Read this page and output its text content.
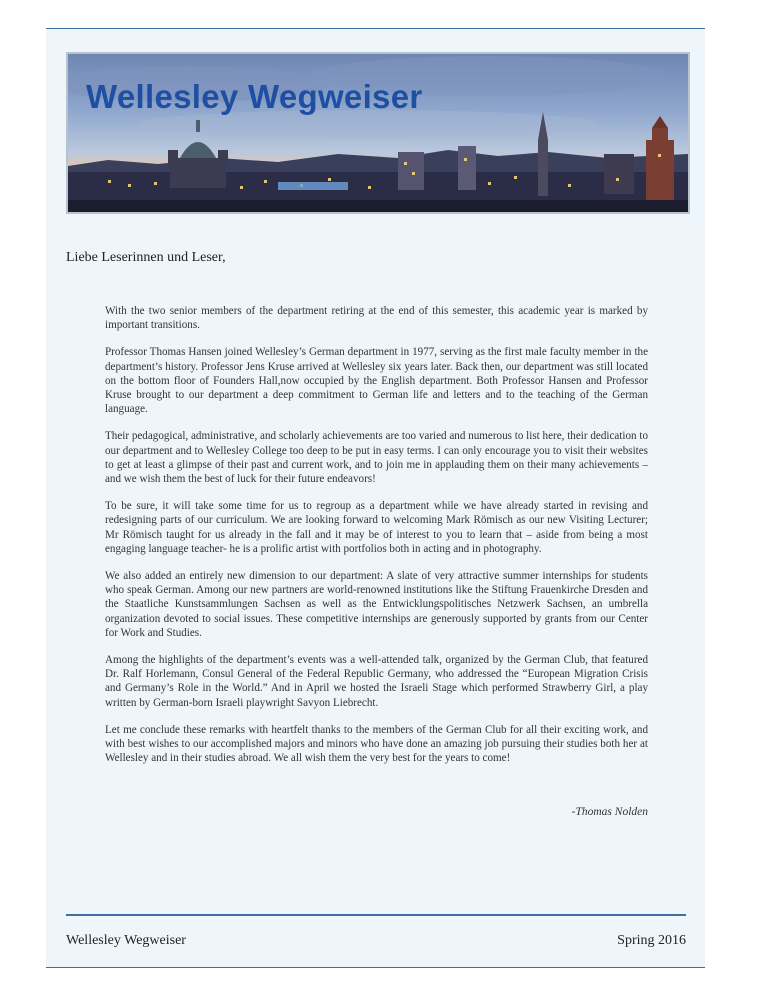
Wellesley Wegweiser
Liebe Leserinnen und Leser,

With the two senior members of the department retiring at the end of this semester, this academic year is marked by important transitions.

Professor Thomas Hansen joined Wellesley’s German department in 1977, serving as the first male faculty member in the department’s history. Professor Jens Kruse arrived at Wellesley six years later. Back then, our department was still located on the bottom floor of Founders Hall,now occupied by the English department. Both Professor Hansen and Professor Kruse brought to our department a deep commitment to German life and letters and to the teaching of the German language.

Their pedagogical, administrative, and scholarly achievements are too varied and numerous to list here, their dedication to our department and to Wellesley College too deep to be put in easy terms. I can only encourage you to visit their websites to get at least a glimpse of their past and current work, and to join me in applauding them on their many achievements – and we wish them the best of luck for their future endeavors!

To be sure, it will take some time for us to regroup as a department while we have already started in revising and redesigning parts of our curriculum. We are looking forward to welcoming Mark Römisch as our new Visiting Lecturer; Mr Römisch taught for us already in the fall and it may be of interest to you to learn that – aside from being a most engaging language teacher- he is a prolific artist with portfolios both in acting and in photography.

We also added an entirely new dimension to our department: A slate of very attractive summer internships for students who speak German. Among our new partners are world-renowned institutions like the Stiftung Frauenkirche Dresden and the Staatliche Kunstsammlungen Sachsen as well as the Entwicklungspolitisches Netzwerk Sachsen, an umbrella organization devoted to social issues. These competitive internships are generously supported by grants from our Center for Work and Studies.

Among the highlights of the department’s events was a well-attended talk, organized by the German Club, that featured Dr. Ralf Horlemann, Consul General of the Federal Republic Germany, who addressed the “European Migration Crisis and Germany’s Role in the World.” And in April we hosted the Israeli Stage which performed Strawberry Girl, a play written by German-born Israeli playwright Savyon Liebrecht.

Let me conclude these remarks with heartfelt thanks to the members of the German Club for all their exciting work, and with best wishes to our accomplished majors and minors who have done an amazing job pursuing their studies both her at Wellesley and in their studies abroad. We all wish them the very best for the years to come!

-Thomas Nolden
Wellesley Wegweiser	Spring 2016
